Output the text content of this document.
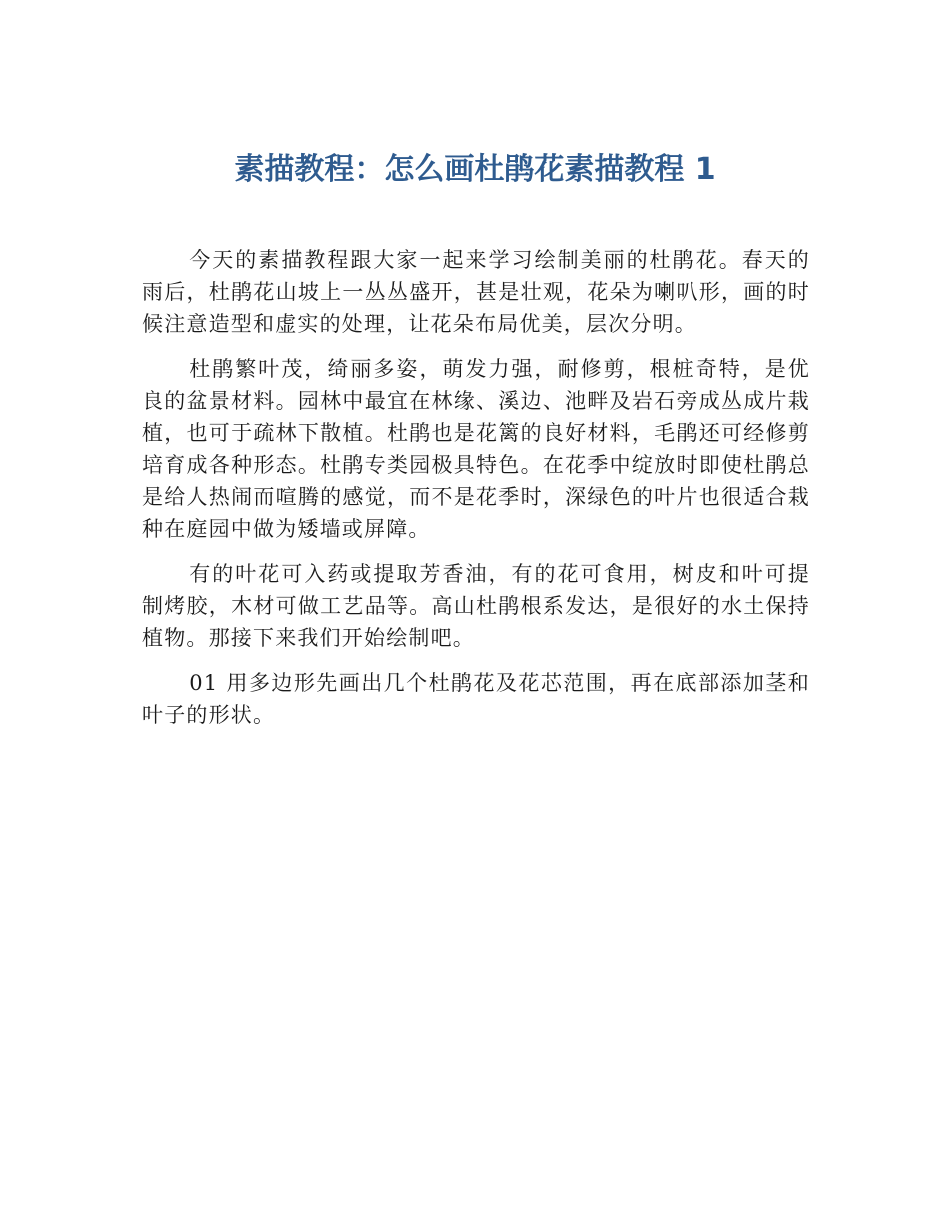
素描教程：怎么画杜鹃花素描教程 1

今天的素描教程跟大家一起来学习绘制美丽的杜鹃花。春天的雨后，杜鹃花山坡上一丛丛盛开，甚是壮观，花朵为喇叭形，画的时候注意造型和虚实的处理，让花朵布局优美，层次分明。

杜鹃繁叶茂，绮丽多姿，萌发力强，耐修剪，根桩奇特，是优良的盆景材料。园林中最宜在林缘、溪边、池畔及岩石旁成丛成片栽植，也可于疏林下散植。杜鹃也是花篱的良好材料，毛鹃还可经修剪培育成各种形态。杜鹃专类园极具特色。在花季中绽放时即使杜鹃总是给人热闹而喧腾的感觉，而不是花季时，深绿色的叶片也很适合栽种在庭园中做为矮墙或屏障。

有的叶花可入药或提取芳香油，有的花可食用，树皮和叶可提制烤胶，木材可做工艺品等。高山杜鹃根系发达，是很好的水土保持植物。那接下来我们开始绘制吧。

01 用多边形先画出几个杜鹃花及花芯范围，再在底部添加茎和叶子的形状。
